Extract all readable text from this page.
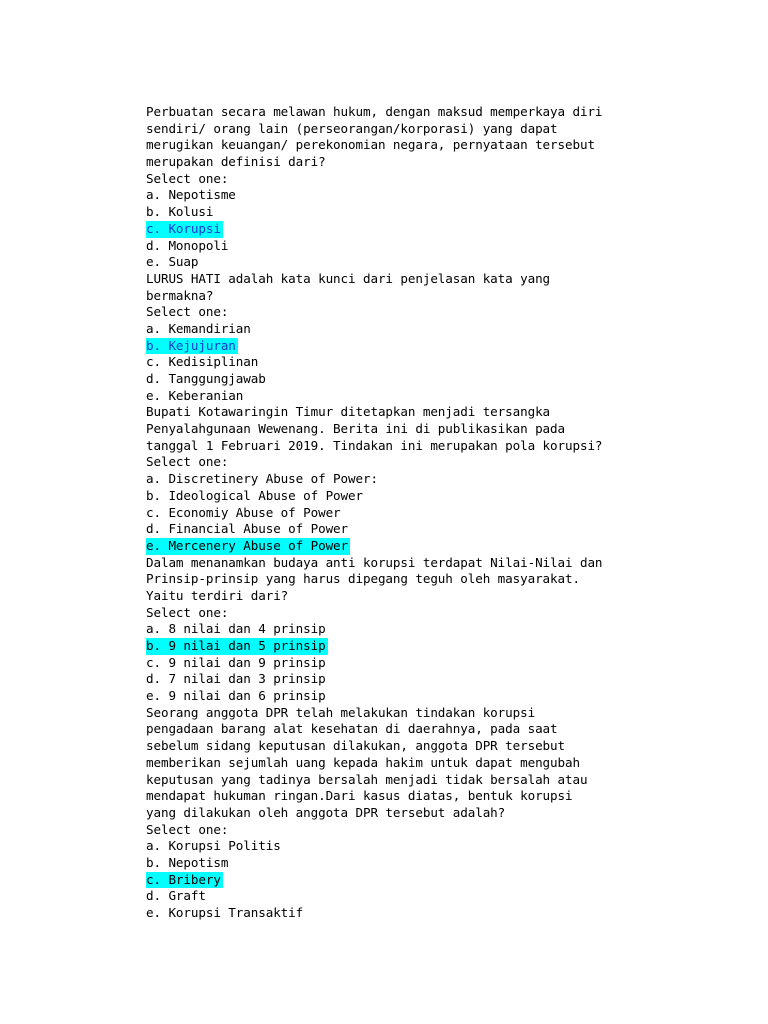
Perbuatan secara melawan hukum, dengan maksud memperkaya diri
sendiri/ orang lain (perseorangan/korporasi) yang dapat
merugikan keuangan/ perekonomian negara, pernyataan tersebut
merupakan definisi dari?
Select one:
a. Nepotisme
b. Kolusi
c. Korupsi
d. Monopoli
e. Suap
LURUS HATI adalah kata kunci dari penjelasan kata yang
bermakna?
Select one:
a. Kemandirian
b. Kejujuran
c. Kedisiplinan
d. Tanggungjawab
e. Keberanian
Bupati Kotawaringin Timur ditetapkan menjadi tersangka
Penyalahgunaan Wewenang. Berita ini di publikasikan pada
tanggal 1 Februari 2019. Tindakan ini merupakan pola korupsi?
Select one:
a. Discretinery Abuse of Power:
b. Ideological Abuse of Power
c. Economiy Abuse of Power
d. Financial Abuse of Power
e. Mercenery Abuse of Power
Dalam menanamkan budaya anti korupsi terdapat Nilai-Nilai dan
Prinsip-prinsip yang harus dipegang teguh oleh masyarakat.
Yaitu terdiri dari?
Select one:
a. 8 nilai dan 4 prinsip
b. 9 nilai dan 5 prinsip
c. 9 nilai dan 9 prinsip
d. 7 nilai dan 3 prinsip
e. 9 nilai dan 6 prinsip
Seorang anggota DPR telah melakukan tindakan korupsi
pengadaan barang alat kesehatan di daerahnya, pada saat
sebelum sidang keputusan dilakukan, anggota DPR tersebut
memberikan sejumlah uang kepada hakim untuk dapat mengubah
keputusan yang tadinya bersalah menjadi tidak bersalah atau
mendapat hukuman ringan.Dari kasus diatas, bentuk korupsi
yang dilakukan oleh anggota DPR tersebut adalah?
Select one:
a. Korupsi Politis
b. Nepotism
c. Bribery
d. Graft
e. Korupsi Transaktif
